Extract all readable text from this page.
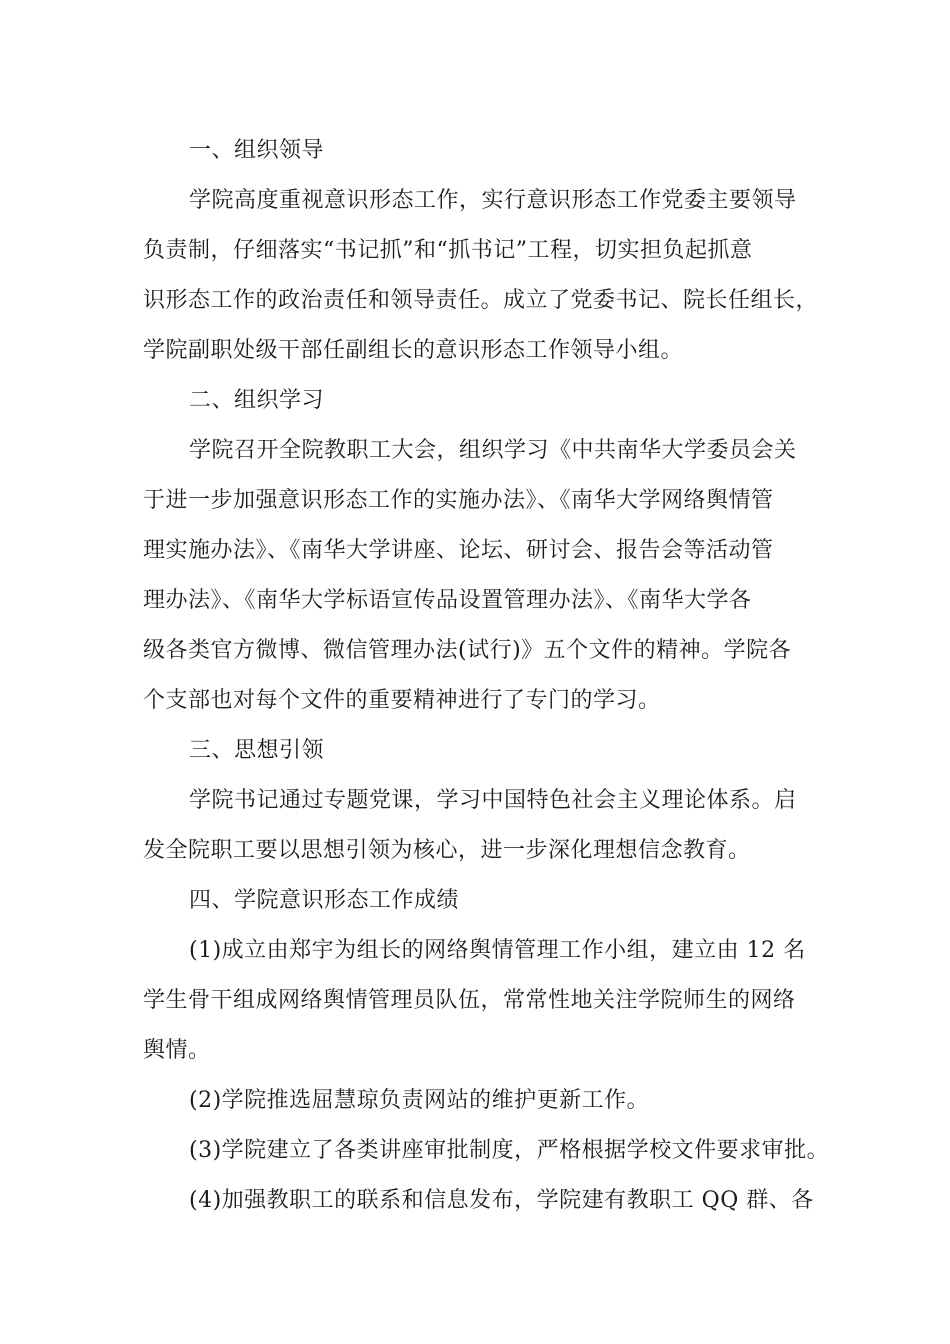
一、组织领导
学院高度重视意识形态工作，实行意识形态工作党委主要领导
负责制，仔细落实“书记抓”和“抓书记”工程，切实担负起抓意
识形态工作的政治责任和领导责任。成立了党委书记、院长任组长，
学院副职处级干部任副组长的意识形态工作领导小组。
二、组织学习
学院召开全院教职工大会，组织学习《中共南华大学委员会关
于进一步加强意识形态工作的实施办法》、《南华大学网络舆情管
理实施办法》、《南华大学讲座、论坛、研讨会、报告会等活动管
理办法》、《南华大学标语宣传品设置管理办法》、《南华大学各
级各类官方微博、微信管理办法(试行)》五个文件的精神。学院各
个支部也对每个文件的重要精神进行了专门的学习。
三、思想引领
学院书记通过专题党课，学习中国特色社会主义理论体系。启
发全院职工要以思想引领为核心，进一步深化理想信念教育。
四、学院意识形态工作成绩
(1)成立由郑宇为组长的网络舆情管理工作小组，建立由 12 名
学生骨干组成网络舆情管理员队伍，常常性地关注学院师生的网络
舆情。
(2)学院推选屈慧琼负责网站的维护更新工作。
(3)学院建立了各类讲座审批制度，严格根据学校文件要求审批。
(4)加强教职工的联系和信息发布，学院建有教职工 QQ 群、各
